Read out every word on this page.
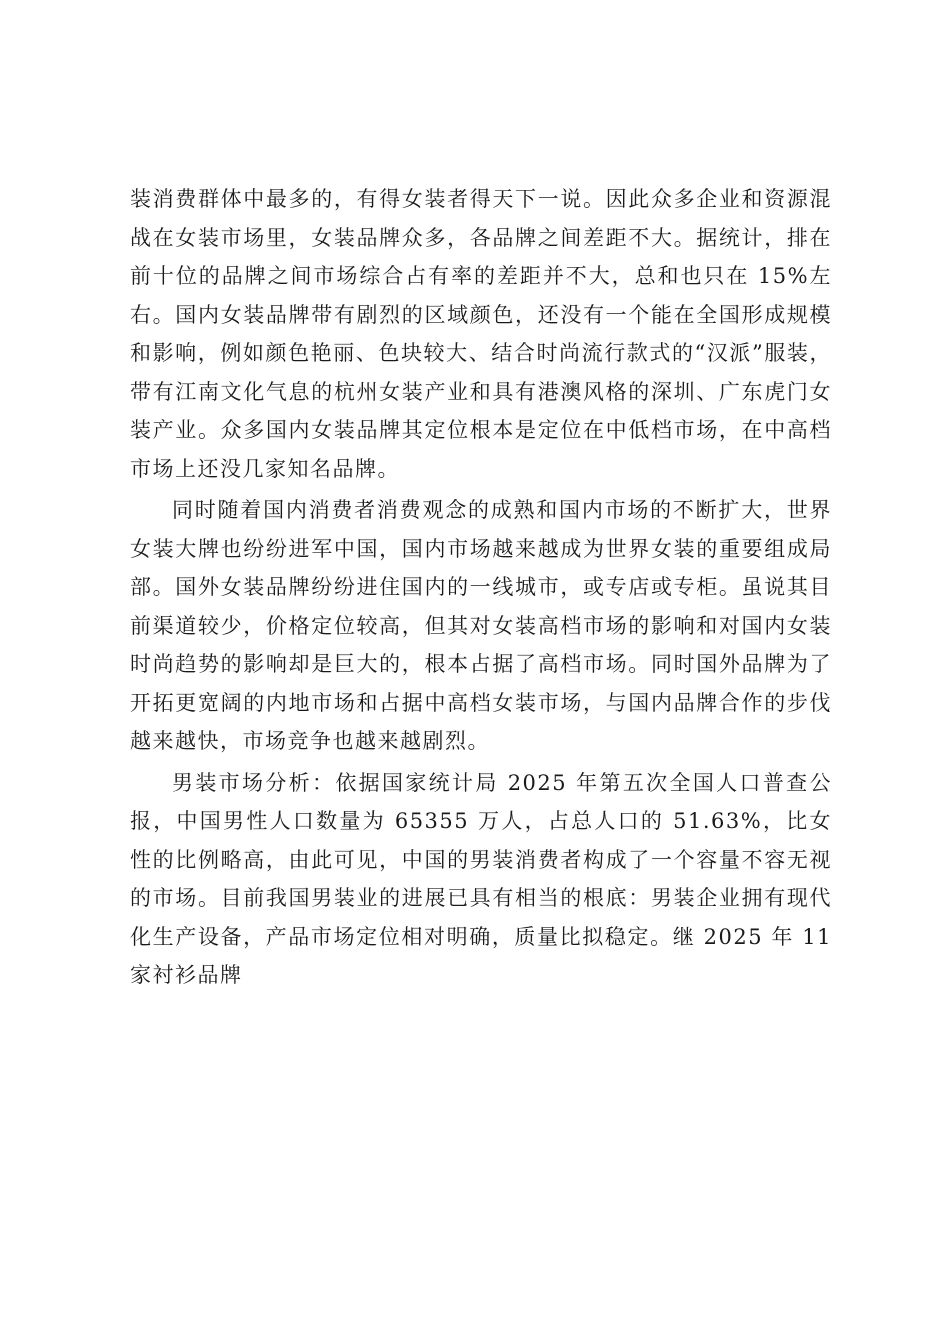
装消费群体中最多的，有得女装者得天下一说。因此众多企业和资源混战在女装市场里，女装品牌众多，各品牌之间差距不大。据统计，排在前十位的品牌之间市场综合占有率的差距并不大，总和也只在 15%左右。国内女装品牌带有剧烈的区域颜色，还没有一个能在全国形成规模和影响，例如颜色艳丽、色块较大、结合时尚流行款式的“汉派”服装，带有江南文化气息的杭州女装产业和具有港澳风格的深圳、广东虎门女装产业。众多国内女装品牌其定位根本是定位在中低档市场，在中高档市场上还没几家知名品牌。

同时随着国内消费者消费观念的成熟和国内市场的不断扩大，世界女装大牌也纷纷进军中国，国内市场越来越成为世界女装的重要组成局部。国外女装品牌纷纷进住国内的一线城市，或专店或专柜。虽说其目前渠道较少，价格定位较高，但其对女装高档市场的影响和对国内女装时尚趋势的影响却是巨大的，根本占据了高档市场。同时国外品牌为了开拓更宽阔的内地市场和占据中高档女装市场，与国内品牌合作的步伐越来越快，市场竞争也越来越剧烈。

男装市场分析：依据国家统计局 2025 年第五次全国人口普查公报，中国男性人口数量为 65355 万人，占总人口的 51.63%，比女性的比例略高，由此可见，中国的男装消费者构成了一个容量不容无视的市场。目前我国男装业的进展已具有相当的根底：男装企业拥有现代化生产设备，产品市场定位相对明确，质量比拟稳定。继 2025 年 11 家衬衫品牌
